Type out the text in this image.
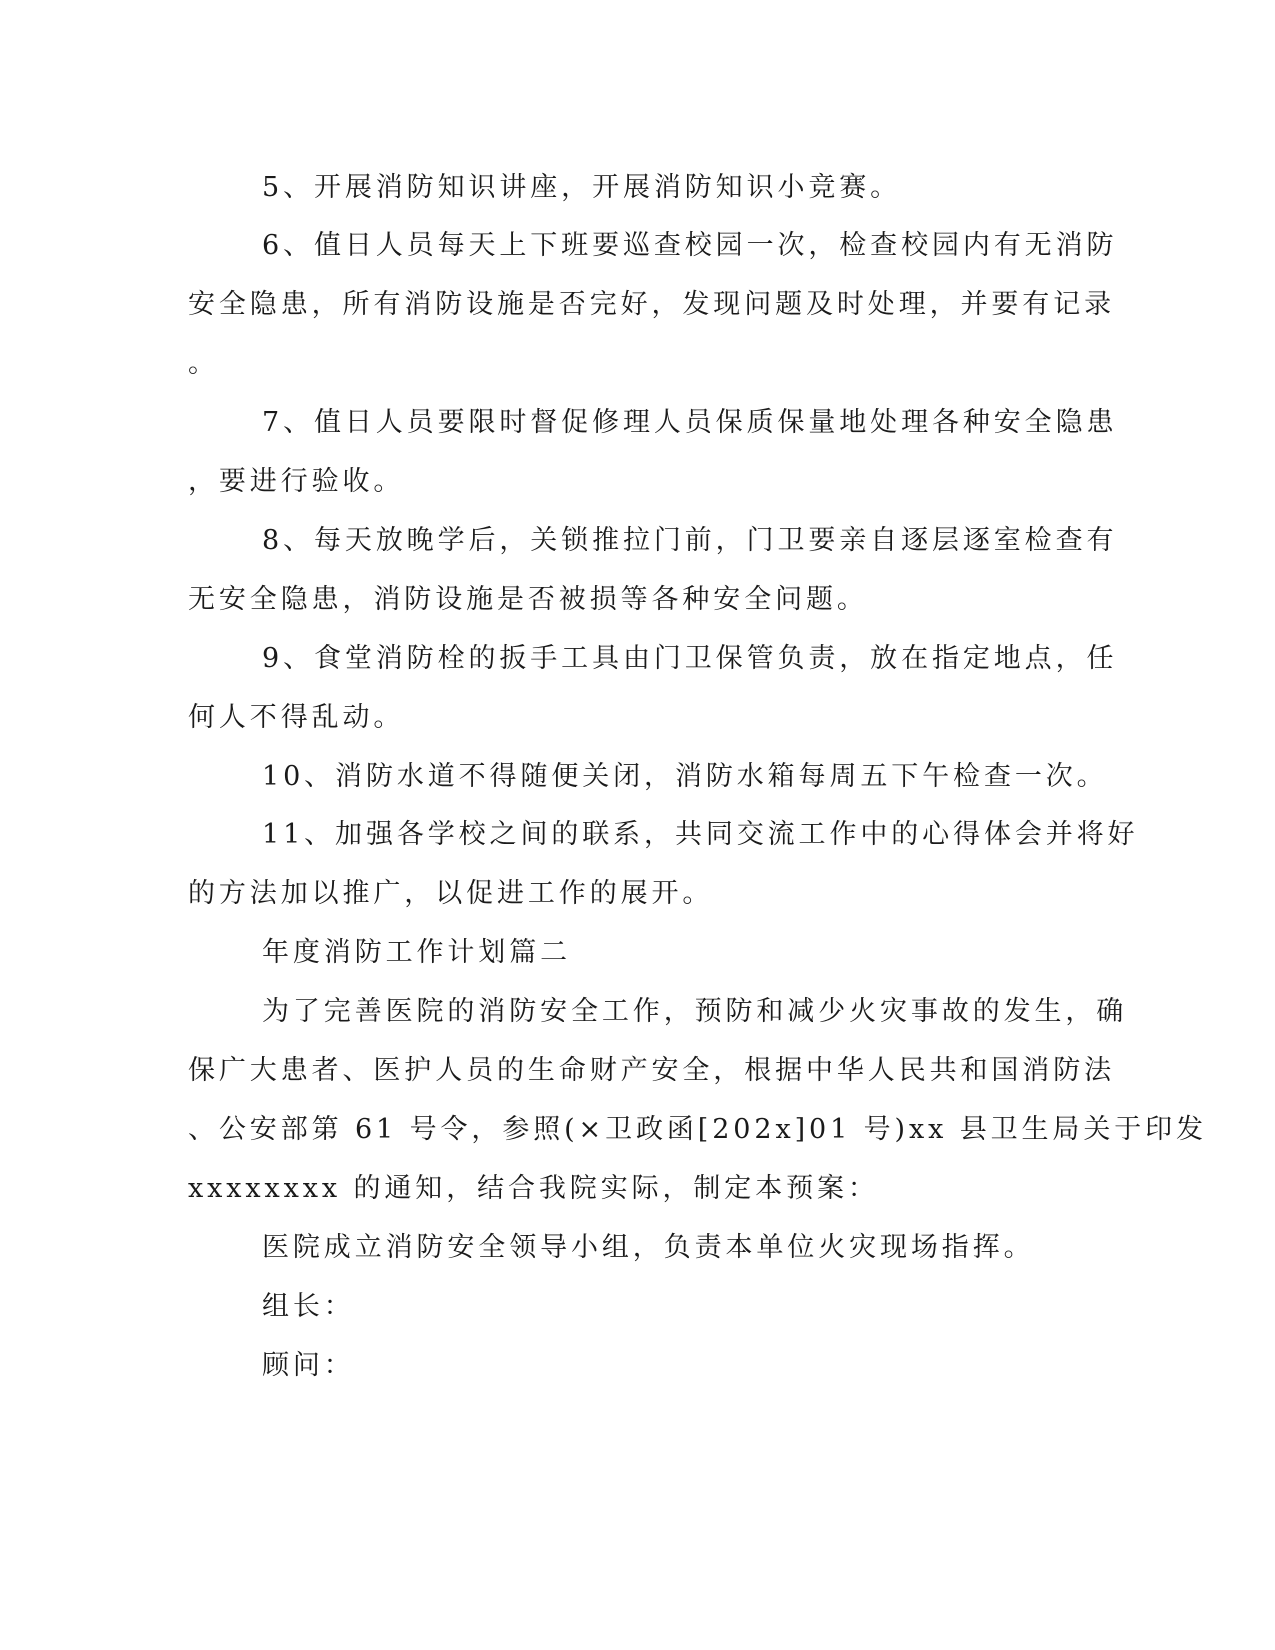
5、开展消防知识讲座，开展消防知识小竞赛。
6、值日人员每天上下班要巡查校园一次，检查校园内有无消防
安全隐患，所有消防设施是否完好，发现问题及时处理，并要有记录
。
7、值日人员要限时督促修理人员保质保量地处理各种安全隐患
，要进行验收。
8、每天放晚学后，关锁推拉门前，门卫要亲自逐层逐室检查有
无安全隐患，消防设施是否被损等各种安全问题。
9、食堂消防栓的扳手工具由门卫保管负责，放在指定地点，任
何人不得乱动。
10、消防水道不得随便关闭，消防水箱每周五下午检查一次。
11、加强各学校之间的联系，共同交流工作中的心得体会并将好
的方法加以推广，以促进工作的展开。
年度消防工作计划篇二
为了完善医院的消防安全工作，预防和减少火灾事故的发生，确
保广大患者、医护人员的生命财产安全，根据中华人民共和国消防法
、公安部第 61 号令，参照(×卫政函[202x]01 号)xx 县卫生局关于印发
xxxxxxxx 的通知，结合我院实际，制定本预案：
医院成立消防安全领导小组，负责本单位火灾现场指挥。
组长：
顾问：
